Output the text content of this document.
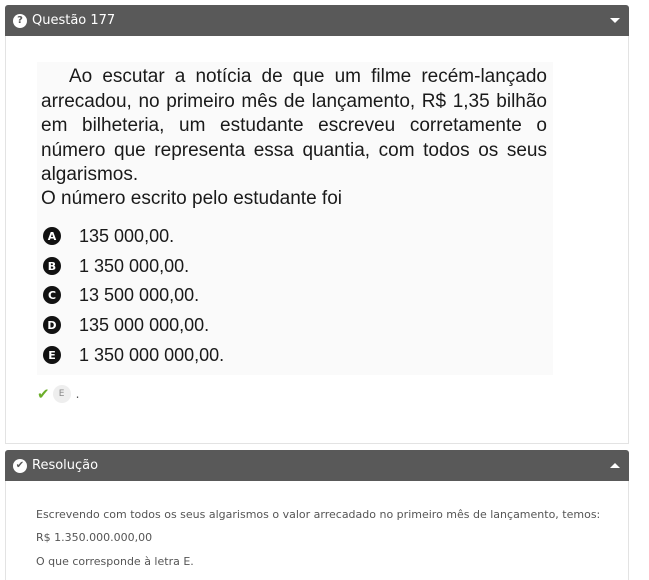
? Questão 177

Ao escutar a notícia de que um filme recém-lançado arrecadou, no primeiro mês de lançamento, R$ 1,35 bilhão em bilheteria, um estudante escreveu corretamente o número que representa essa quantia, com todos os seus algarismos.

O número escrito pelo estudante foi

A 135 000,00.
B 1 350 000,00.
C 13 500 000,00.
D 135 000 000,00.
E 1 350 000 000,00.
✔	E .
✔ Resolução
Escrevendo com todos os seus algarismos o valor arrecadado no primeiro mês de lançamento, temos:
R$ 1.350.000.000,00
O que corresponde à letra E.
